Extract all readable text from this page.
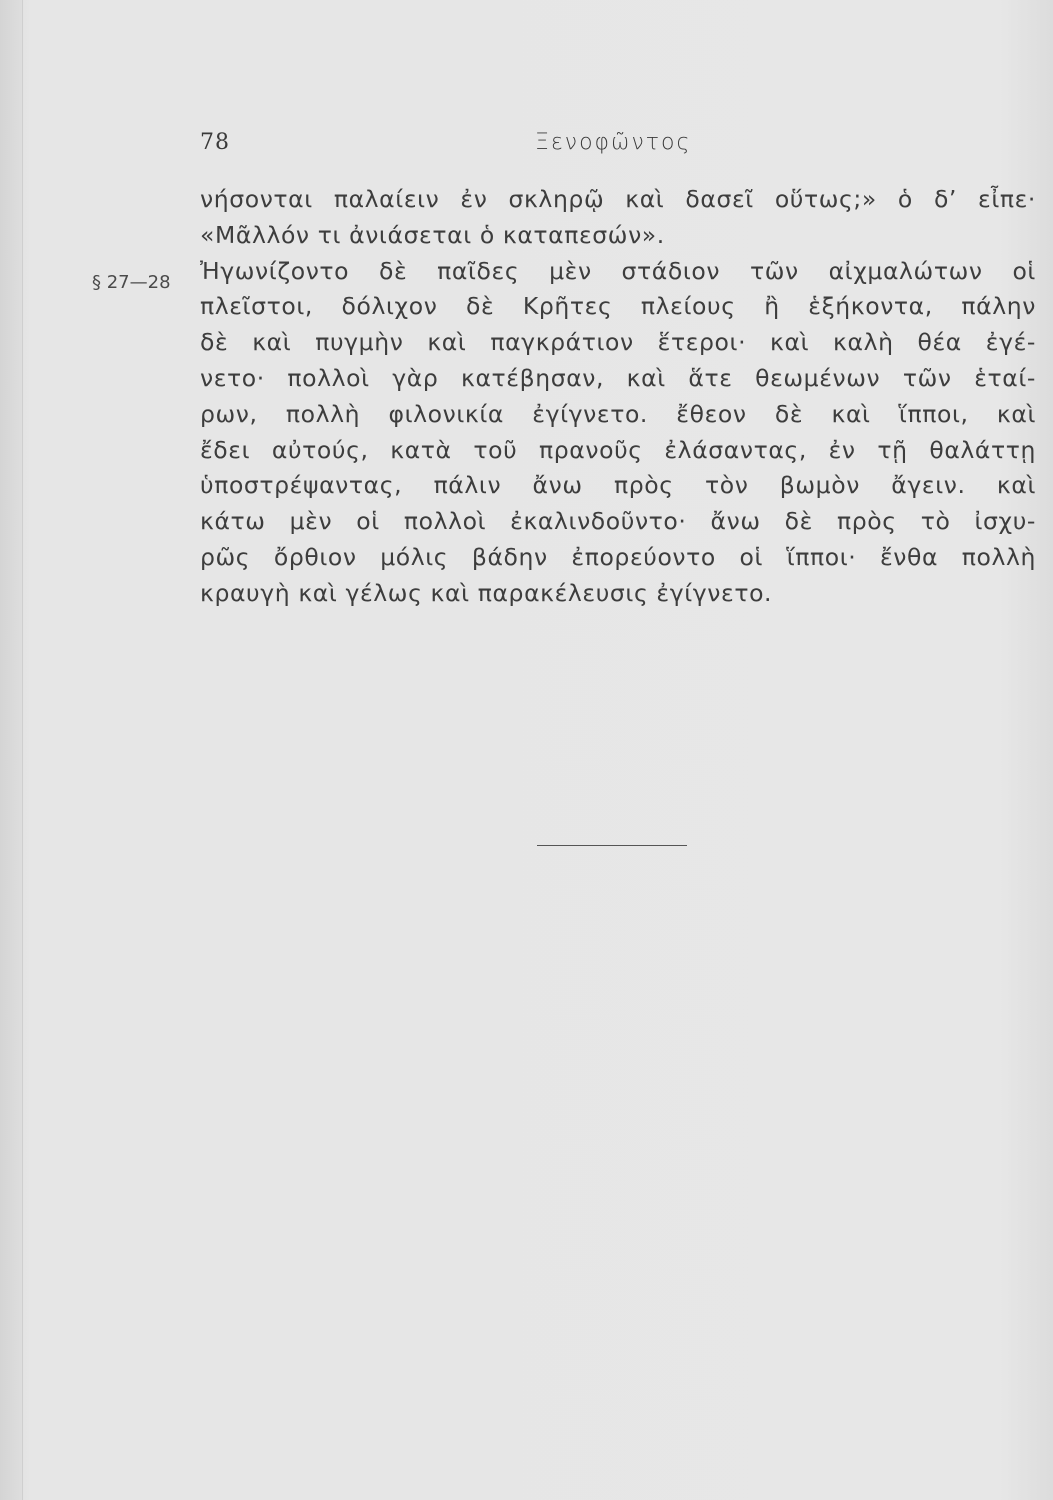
78	Ξενοφῶντος
§ 27—28
νήσονται παλαίειν ἐν σκληρῷ καὶ δασεῖ οὕτως;» ὁ δ’ εἶπε·
«Μᾶλλόν τι ἀνιάσεται ὁ καταπεσών».
Ἠγωνίζοντο δὲ παῖδες μὲν στάδιον τῶν αἰχμαλώτων οἱ
πλεῖστοι, δόλιχον δὲ Κρῆτες πλείους ἢ ἑξήκοντα, πάλην
δὲ καὶ πυγμὴν καὶ παγκράτιον ἕτεροι· καὶ καλὴ θέα ἐγέ-
νετο· πολλοὶ γὰρ κατέβησαν, καὶ ἅτε θεωμένων τῶν ἑταί-
ρων, πολλὴ φιλονικία ἐγίγνετο. ἔθεον δὲ καὶ ἵπποι, καὶ
ἔδει αὐτούς, κατὰ τοῦ πρανοῦς ἐλάσαντας, ἐν τῇ θαλάττῃ
ὑποστρέψαντας, πάλιν ἄνω πρὸς τὸν βωμὸν ἄγειν. καὶ
κάτω μὲν οἱ πολλοὶ ἐκαλινδοῦντο· ἄνω δὲ πρὸς τὸ ἰσχυ-
ρῶς ὄρθιον μόλις βάδην ἐπορεύοντο οἱ ἵπποι· ἔνθα πολλὴ
κραυγὴ καὶ γέλως καὶ παρακέλευσις ἐγίγνετο.
